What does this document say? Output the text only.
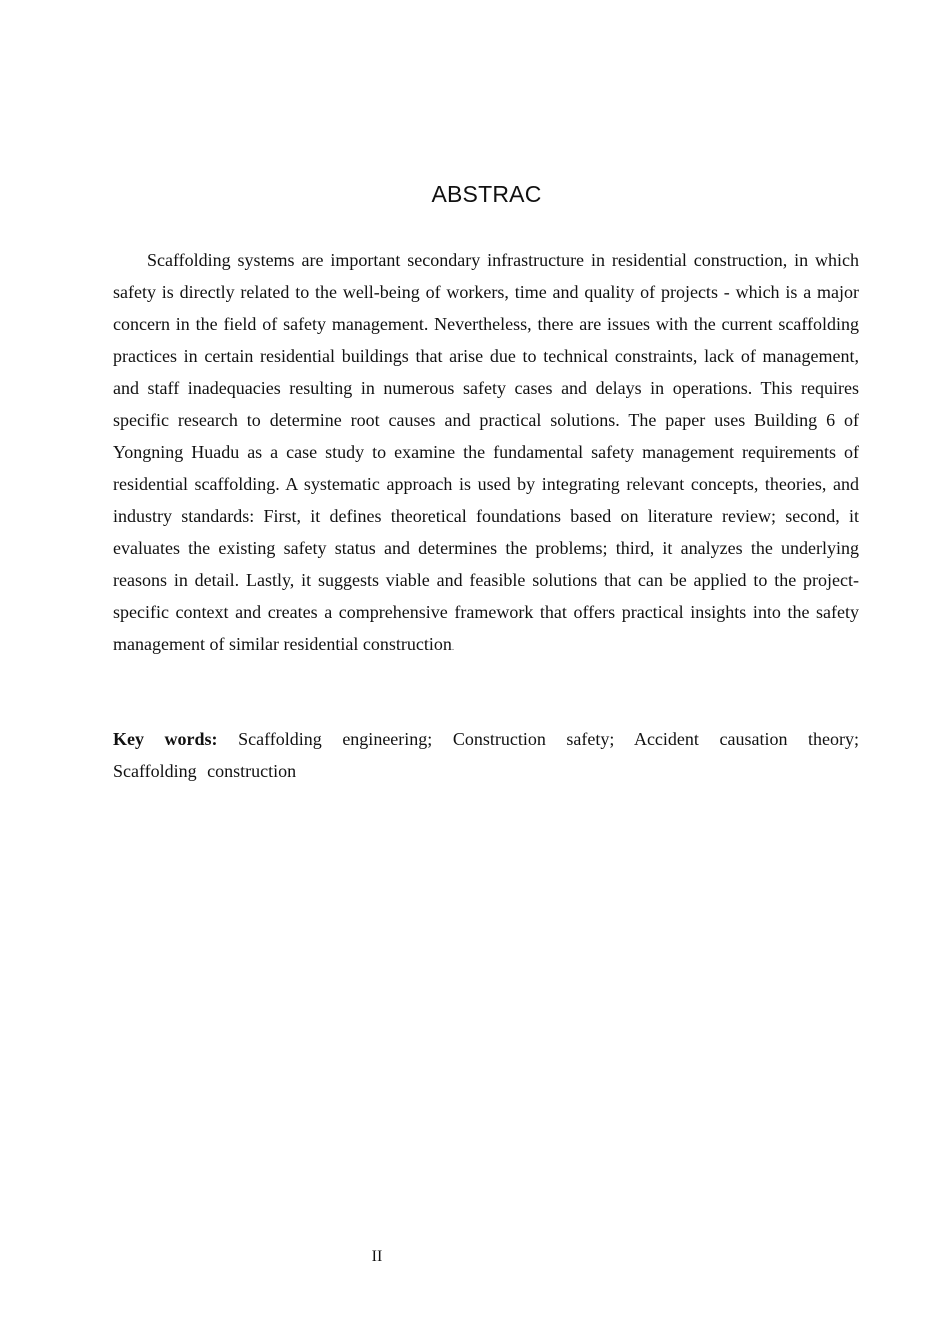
ABSTRAC

Scaffolding systems are important secondary infrastructure in residential construction, in which safety is directly related to the well-being of workers, time and quality of projects - which is a major concern in the field of safety management. Nevertheless, there are issues with the current scaffolding practices in certain residential buildings that arise due to technical constraints, lack of management, and staff inadequacies resulting in numerous safety cases and delays in operations. This requires specific research to determine root causes and practical solutions. The paper uses Building 6 of Yongning Huadu as a case study to examine the fundamental safety management requirements of residential scaffolding. A systematic approach is used by integrating relevant concepts, theories, and industry standards: First, it defines theoretical foundations based on literature review; second, it evaluates the existing safety status and determines the problems; third, it analyzes the underlying reasons in detail. Lastly, it suggests viable and feasible solutions that can be applied to the project-specific context and creates a comprehensive framework that offers practical insights into the safety management of similar residential construction.

Key words: Scaffolding engineering; Construction safety; Accident causation theory; Scaffolding construction

II
